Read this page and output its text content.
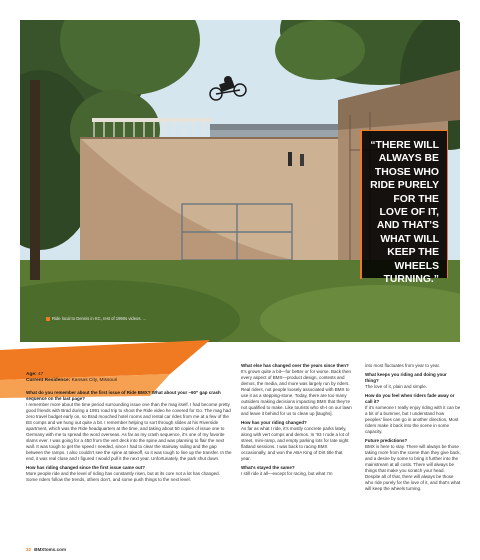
Ride local to Dennis in KC, rest of 1990s videos. ...
“THERE WILL ALWAYS BE THOSE WHO RIDE PURELY FOR THE LOVE OF IT, AND THAT’S WHAT WILL KEEP THE WHEELS TURNING.”
Dennis “DMC” McCoy
Age: 47
Current Residence: Kansas City, Missouri
What do you remember about the first issue of Ride BMX? What about your –60” gap crash sequence on the last page?
I remember more about the time period surrounding issue one than the mag itself. I had become pretty good friends with Brad during a 1991 road trip to shoot the Ride video he covered for Go. The mag had zero travel budget early on, so Brad mooched hotel rooms and rental car rides from me at a few of the BS comps and we hung out quite a bit. I remember helping to sort through slides at his Riverside apartment, which was the Ride headquarters at the time, and taking about 50 copies of issue one to Germany with me to spread the word overseas. As far as my crash sequence, it’s one of my favorite slams ever. I was going for a 450 from the vert deck into the spine and was planning to flair the next wall. It was tough to get the speed I needed, since I had to clear the stairway railing and the gap between the ramps. I also couldn’t see the spine at takeoff, so it was tough to line up the transfer. In the end, it was real close and I figured I would pull it the next year. Unfortunately, the park shut down.
How has riding changed since the first issue came out?
More people ride and the level of riding has constantly risen, but at its core not a lot has changed. Some riders follow the trends, others don’t, and some push things to the next level.
What else has changed over the years since then?
It’s grown quite a bit—for better or for worse. Back then every aspect of BMX—product design, contests and demos, the media, and more was largely run by riders. Real riders, not people loosely associated with BMX to use it as a stepping-stone. Today, there are too many outsiders making decisions impacting BMX that they’re not qualified to make. Like tourists who sh-t on our lawn and leave it behind for us to clean up [laughs].
How has your riding changed?
As far as what I ride, it’s mostly concrete parks lately, along with vert comps and demos. In ‘93 I rode a lot of street, mini-ramp, and empty parking lots for late night flatland sessions. I was back to racing BMX occasionally, and won the ABA King of Dirt title that year.
What’s stayed the same?
I still ride it all—except for racing, but what I’m
into most fluctuates from year to year.
What keeps you riding and doing your thing?
The love of it, plain and simple.
How do you feel when riders fade away or call it?
If it’s someone I really enjoy riding with it can be a bit of a bummer, but I understand how peoples’ lives can go in another direction. Most riders make it back into the scene in some capacity.
Future predictions?
BMX is here to stay. There will always be those taking more from the scene than they give back, and a desire by some to bring it further into the mainstream at all costs. There will always be things that make you scratch your head. Despite all of that, there will always be those who ride purely for the love of it, and that’s what will keep the wheels turning.
32 BMXtoms.com
